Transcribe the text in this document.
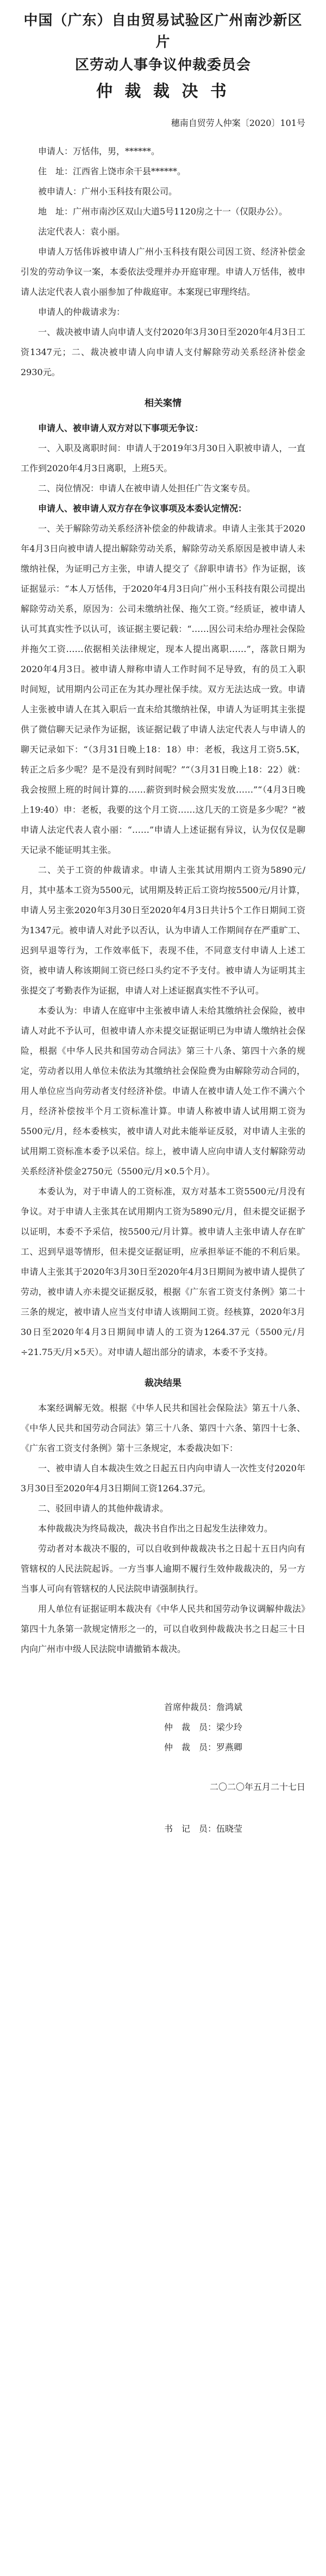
中国（广东）自由贸易试验区广州南沙新区片
区劳动人事争议仲裁委员会
仲 裁 裁 决 书
穗南自贸劳人仲案〔2020〕101号

申请人：万恬伟，男，******。

住　址：江西省上饶市余干县******。

被申请人：广州小玉科技有限公司。

地　址：广州市南沙区双山大道5号1120房之十一（仅限办公）。

法定代表人：袁小丽。

申请人万恬伟诉被申请人广州小玉科技有限公司因工资、经济补偿金引发的劳动争议一案，本委依法受理并办开庭审理。申请人万恬伟，被申请人法定代表人袁小丽参加了仲裁庭审。本案现已审理终结。

申请人的仲裁请求为：

一、裁决被申请人向申请人支付2020年3月30日至2020年4月3日工资1347元；二、裁决被申请人向申请人支付解除劳动关系经济补偿金2930元。

相关案情

申请人、被申请人双方对以下事项无争议：

一、入职及离职时间：申请人于2019年3月30日入职被申请人，一直工作到2020年4月3日离职，上班5天。

二、岗位情况：申请人在被申请人处担任广告文案专员。

申请人、被申请人双方存在争议事项及本委认定情况：

一、关于解除劳动关系经济补偿金的仲裁请求。申请人主张其于2020年4月3日向被申请人提出解除劳动关系，解除劳动关系原因是被申请人未缴纳社保，为证明己方主张，申请人提交了《辞职申请书》作为证据，该证据显示：“本人万恬伟，于2020年4月3日向广州小玉科技有限公司提出解除劳动关系，原因为：公司未缴纳社保、拖欠工资。”经质证，被申请人认可其真实性予以认可，该证据主要记载：“……因公司未给办理社会保险并拖欠工资……依据相关法律规定，现本人提出离职……”，落款日期为2020年4月3日。被申请人辩称申请人工作时间不足导致，有的员工入职时间短，试用期内公司正在为其办理社保手续。双方无法达成一致。申请人主张被申请人在其入职后一直未给其缴纳社保，申请人为证明其主张提供了微信聊天记录作为证据，该证据记载了申请人法定代表人与申请人的聊天记录如下：“（3月31日晚上18：18）申：老板，我这月工资5.5K，转正之后多少呢？是不是没有到时间呢？”“（3月31日晚上18：22）就：我会按照上班的时间计算的……薪资到时候会照实发放……”“（4月3日晚上19:40）申：老板，我要的这个月工资……这几天的工资是多少呢？”被申请人法定代表人袁小丽：“……”申请人上述证据有异议，认为仅仅是聊天记录不能证明其主张。

二、关于工资的仲裁请求。申请人主张其试用期内工资为5890元/月，其中基本工资为5500元，试用期及转正后工资均按5500元/月计算，申请人另主张2020年3月30日至2020年4月3日共计5个工作日期间工资为1347元。被申请人对此予以否认，认为申请人工作期间存在严重旷工、迟到早退等行为，工作效率低下，表现不佳，不同意支付申请人上述工资，被申请人称该期间工资已经口头约定不予支付。被申请人为证明其主张提交了考勤表作为证据，申请人对上述证据真实性不予认可。

本委认为：申请人在庭审中主张被申请人未给其缴纳社会保险，被申请人对此不予认可，但被申请人亦未提交证据证明已为申请人缴纳社会保险，根据《中华人民共和国劳动合同法》第三十八条、第四十六条的规定，劳动者以用人单位未依法为其缴纳社会保险费为由解除劳动合同的，用人单位应当向劳动者支付经济补偿。申请人在被申请人处工作不满六个月，经济补偿按半个月工资标准计算。申请人称被申请人试用期工资为5500元/月，经本委核实，被申请人对此未能举证反驳，对申请人主张的试用期工资标准本委予以采信。综上，被申请人应向申请人支付解除劳动关系经济补偿金2750元（5500元/月×0.5个月）。

本委认为，对于申请人的工资标准，双方对基本工资5500元/月没有争议。对于申请人主张其在试用期内工资为5890元/月，但未提交证据予以证明，本委不予采信，按5500元/月计算。被申请人主张申请人存在旷工、迟到早退等情形，但未提交证据证明，应承担举证不能的不利后果。申请人主张其于2020年3月30日至2020年4月3日期间为被申请人提供了劳动，被申请人亦未提交证据反驳，根据《广东省工资支付条例》第二十三条的规定，被申请人应当支付申请人该期间工资。经核算，2020年3月30日至2020年4月3日期间申请人的工资为1264.37元（5500元/月÷21.75天/月×5天）。对申请人超出部分的请求，本委不予支持。

裁决结果

本案经调解无效。根据《中华人民共和国社会保险法》第五十八条、《中华人民共和国劳动合同法》第三十八条、第四十六条、第四十七条、《广东省工资支付条例》第十三条规定，本委裁决如下：

一、被申请人自本裁决生效之日起五日内向申请人一次性支付2020年3月30日至2020年4月3日期间工资1264.37元。

二、驳回申请人的其他仲裁请求。

本仲裁裁决为终局裁决，裁决书自作出之日起发生法律效力。

劳动者对本裁决不服的，可以自收到仲裁裁决书之日起十五日内向有管辖权的人民法院起诉。一方当事人逾期不履行生效仲裁裁决的，另一方当事人可向有管辖权的人民法院申请强制执行。

用人单位有证据证明本裁决有《中华人民共和国劳动争议调解仲裁法》第四十九条第一款规定情形之一的，可以自收到仲裁裁决书之日起三十日内向广州市中级人民法院申请撤销本裁决。

首席仲裁员：詹鸿斌

仲　裁　员：梁少玲

仲　裁　员：罗燕卿

二〇二〇年五月二十七日

书　记　员：伍晓莹
